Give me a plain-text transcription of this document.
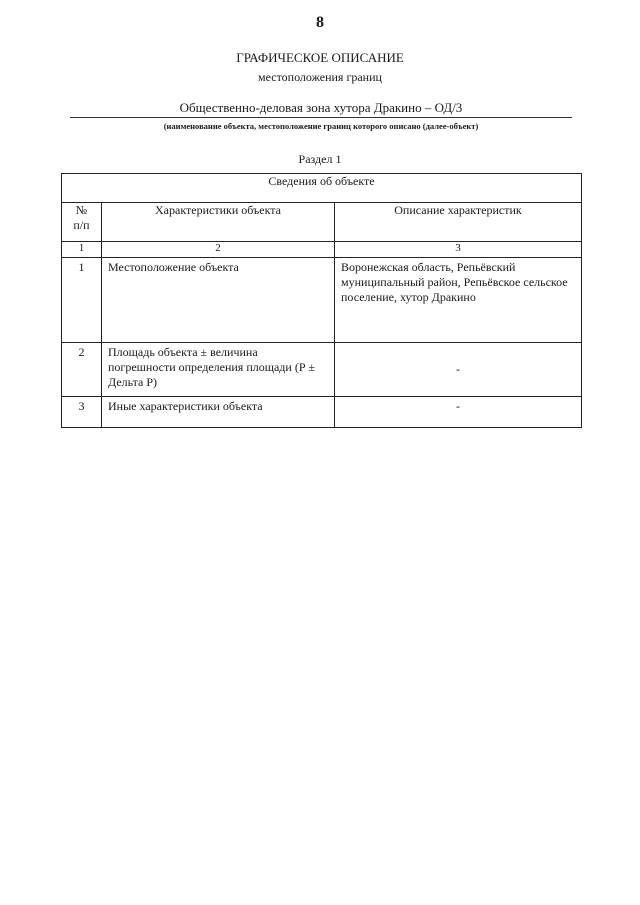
8
ГРАФИЧЕСКОЕ ОПИСАНИЕ
местоположения границ
Общественно-деловая зона хутора Дракино – ОД/3
(наименование объекта, местоположение границ которого описано (далее-объект)
Раздел 1
Сведения об объекте		
№
п/п	Характеристики объекта	Описание характеристик
1	2	3
1	Местоположение объекта	Воронежская область, Репьёвский муниципальный район, Репьёвское сельское поселение, хутор Дракино
2	Площадь объекта ± величина погрешности определения площади (Р ± Дельта Р)	-
3	Иные характеристики объекта	-
